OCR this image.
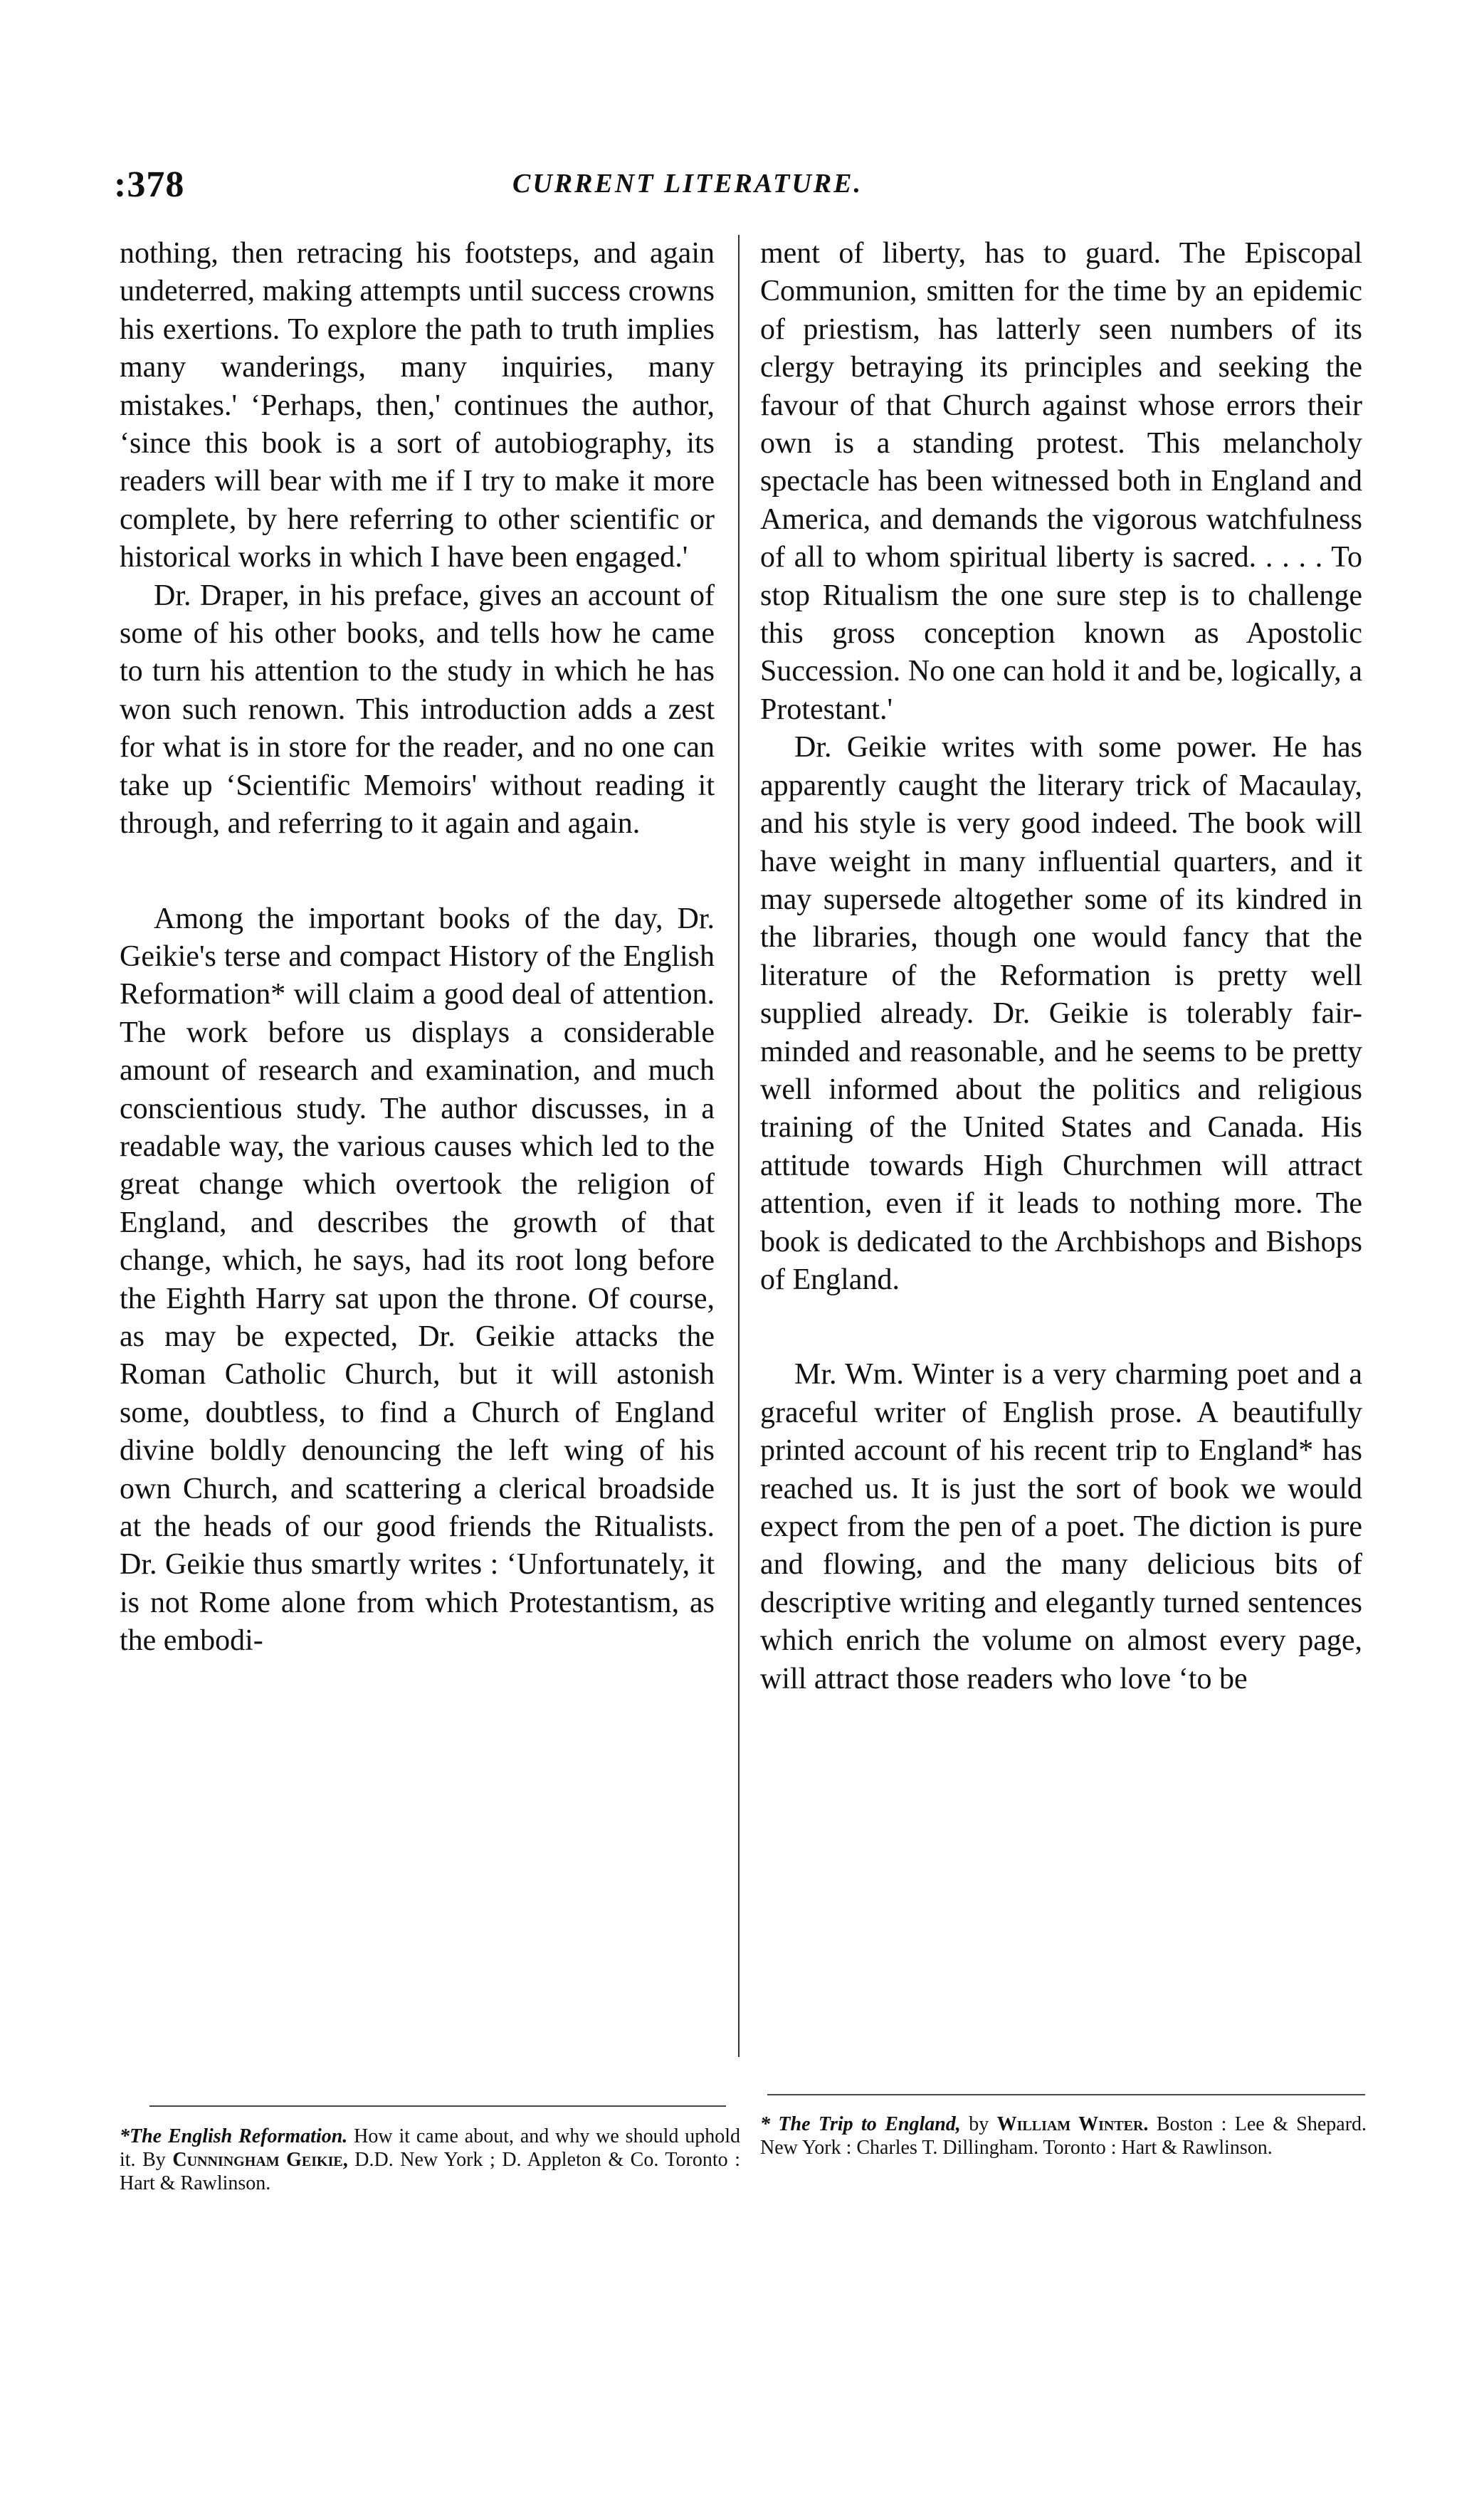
:378	CURRENT LITERATURE.

nothing, then retracing his footsteps, and again undeterred, making attempts until success crowns his exertions. To explore the path to truth implies many wanderings, many inquiries, many mistakes.' ‘Perhaps, then,' continues the author, ‘since this book is a sort of autobiography, its readers will bear with me if I try to make it more complete, by here referring to other scientific or historical works in which I have been engaged.'

Dr. Draper, in his preface, gives an account of some of his other books, and tells how he came to turn his attention to the study in which he has won such renown. This introduction adds a zest for what is in store for the reader, and no one can take up ‘Scientific Memoirs' without reading it through, and referring to it again and again.

Among the important books of the day, Dr. Geikie's terse and compact History of the English Reformation* will claim a good deal of attention. The work before us displays a considerable amount of research and examination, and much conscientious study. The author discusses, in a readable way, the various causes which led to the great change which overtook the religion of England, and describes the growth of that change, which, he says, had its root long before the Eighth Harry sat upon the throne. Of course, as may be expected, Dr. Geikie attacks the Roman Catholic Church, but it will astonish some, doubtless, to find a Church of England divine boldly denouncing the left wing of his own Church, and scattering a clerical broadside at the heads of our good friends the Ritualists. Dr. Geikie thus smartly writes : ‘Unfortunately, it is not Rome alone from which Protestantism, as the embodi-

ment of liberty, has to guard. The Episcopal Communion, smitten for the time by an epidemic of priestism, has latterly seen numbers of its clergy betraying its principles and seeking the favour of that Church against whose errors their own is a standing protest. This melancholy spectacle has been witnessed both in England and America, and demands the vigorous watchfulness of all to whom spiritual liberty is sacred. . . . . To stop Ritualism the one sure step is to challenge this gross conception known as Apostolic Succession. No one can hold it and be, logically, a Protestant.'

Dr. Geikie writes with some power. He has apparently caught the literary trick of Macaulay, and his style is very good indeed. The book will have weight in many influential quarters, and it may supersede altogether some of its kindred in the libraries, though one would fancy that the literature of the Reformation is pretty well supplied already. Dr. Geikie is tolerably fair-minded and reasonable, and he seems to be pretty well informed about the politics and religious training of the United States and Canada. His attitude towards High Churchmen will attract attention, even if it leads to nothing more. The book is dedicated to the Archbishops and Bishops of England.

Mr. Wm. Winter is a very charming poet and a graceful writer of English prose. A beautifully printed account of his recent trip to England* has reached us. It is just the sort of book we would expect from the pen of a poet. The diction is pure and flowing, and the many delicious bits of descriptive writing and elegantly turned sentences which enrich the volume on almost every page, will attract those readers who love ‘to be

*The English Reformation. How it came about, and why we should uphold it. By Cunningham Geikie, D.D. New York ; D. Appleton & Co. Toronto : Hart & Rawlinson.
* The Trip to England, by William Winter. Boston : Lee & Shepard. New York : Charles T. Dillingham. Toronto : Hart & Rawlinson.
